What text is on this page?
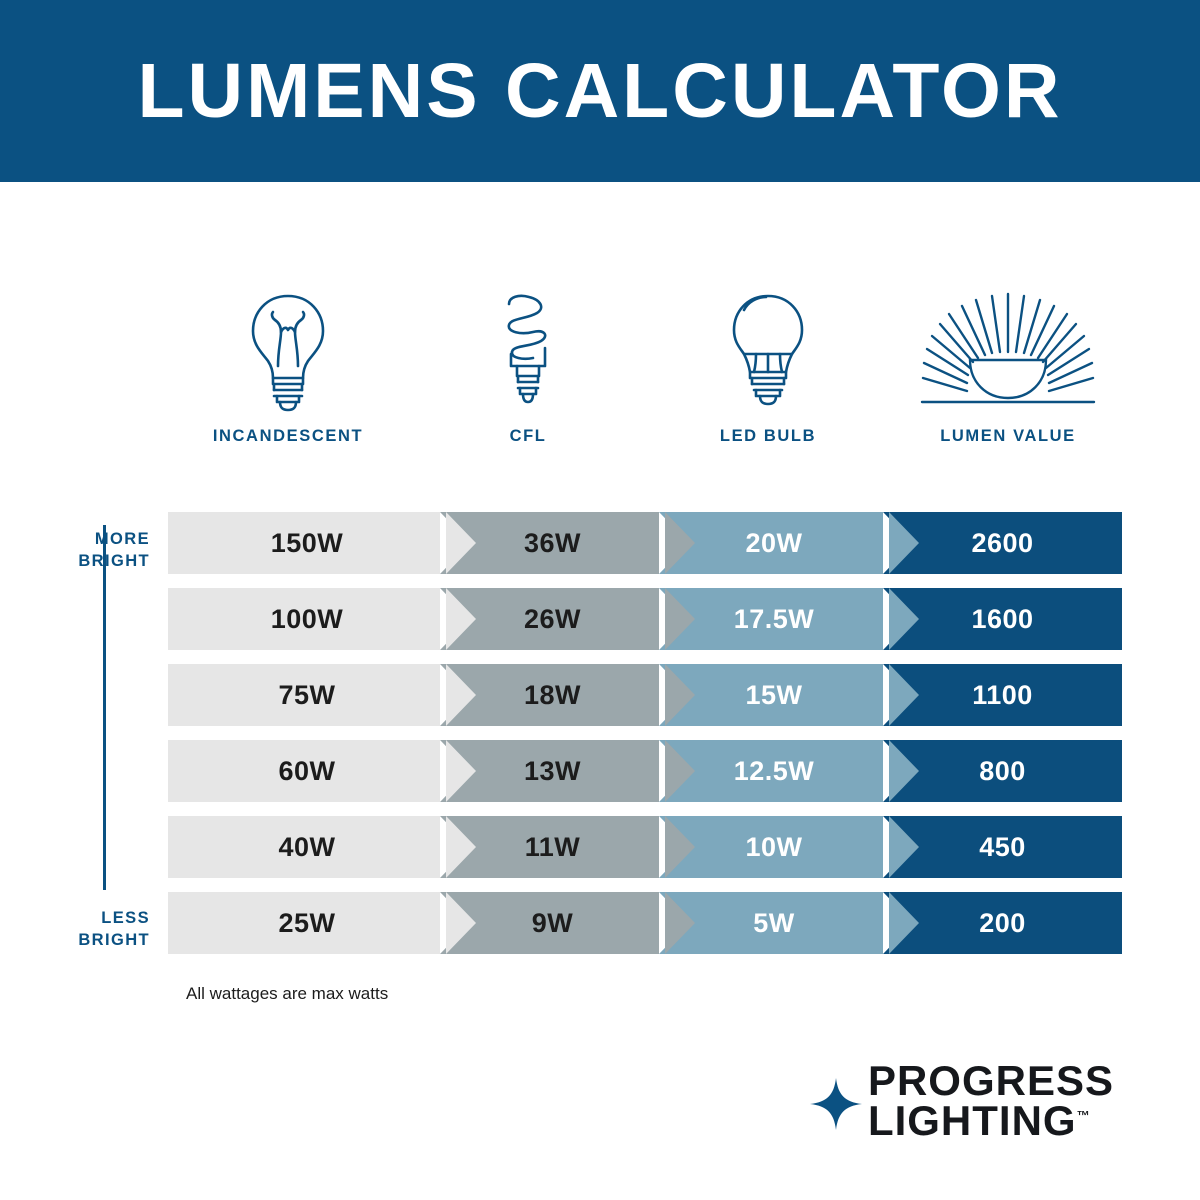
LUMENS CALCULATOR
INCANDESCENT	CFL	LED BULB	LUMEN VALUE
MORE
BRIGHT
LESS
BRIGHT
150W	36W	20W	2600
100W	26W	17.5W	1600
75W	18W	15W	1100
60W	13W	12.5W	800
40W	11W	10W	450
25W	9W	5W	200
All wattages are max watts
PROGRESS
LIGHTING™
